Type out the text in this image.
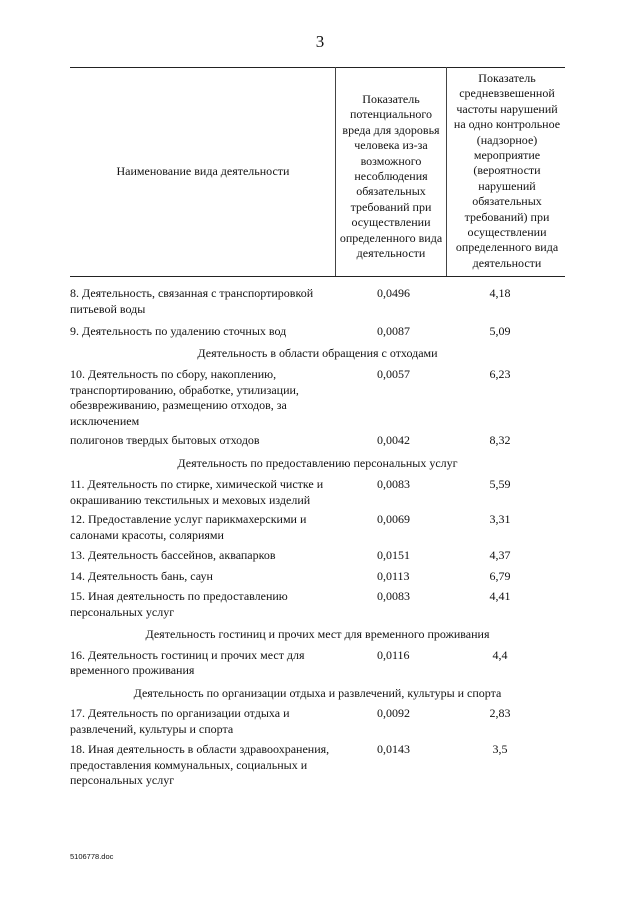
3
Наименование вида деятельности
Показатель потенциального вреда для здоровья человека из-за возможного несоблюдения обязательных требований при осуществлении определенного вида деятельности
Показатель средневзвешенной частоты нарушений на одно контрольное (надзорное) мероприятие (вероятности нарушений обязательных требований) при осуществлении определенного вида деятельности
8. Деятельность, связанная с транспортировкой питьевой воды
0,0496	4,18
9. Деятельность по удалению сточных вод	0,0087	5,09
Деятельность в области обращения с отходами
10. Деятельность по сбору, накоплению, транспортированию, обработке, утилизации, обезвреживанию, размещению отходов, за исключением
0,0057	6,23
полигонов твердых бытовых отходов	0,0042	8,32
Деятельность по предоставлению персональных услуг
11. Деятельность по стирке, химической чистке и окрашиванию текстильных и меховых изделий
0,0083	5,59
12. Предоставление услуг парикмахерскими и салонами красоты, соляриями
0,0069	3,31
13. Деятельность бассейнов, аквапарков	0,0151	4,37
14. Деятельность бань, саун	0,0113	6,79
15. Иная деятельность по предоставлению персональных услуг
0,0083	4,41
Деятельность гостиниц и прочих мест для временного проживания
16. Деятельность гостиниц и прочих мест для временного проживания
0,0116	4,4
Деятельность по организации отдыха и развлечений, культуры и спорта
17. Деятельность по организации отдыха и развлечений, культуры и спорта
0,0092	2,83
18. Иная деятельность в области здравоохранения, предоставления коммунальных, социальных и персональных услуг
0,0143	3,5
5106778.doc
